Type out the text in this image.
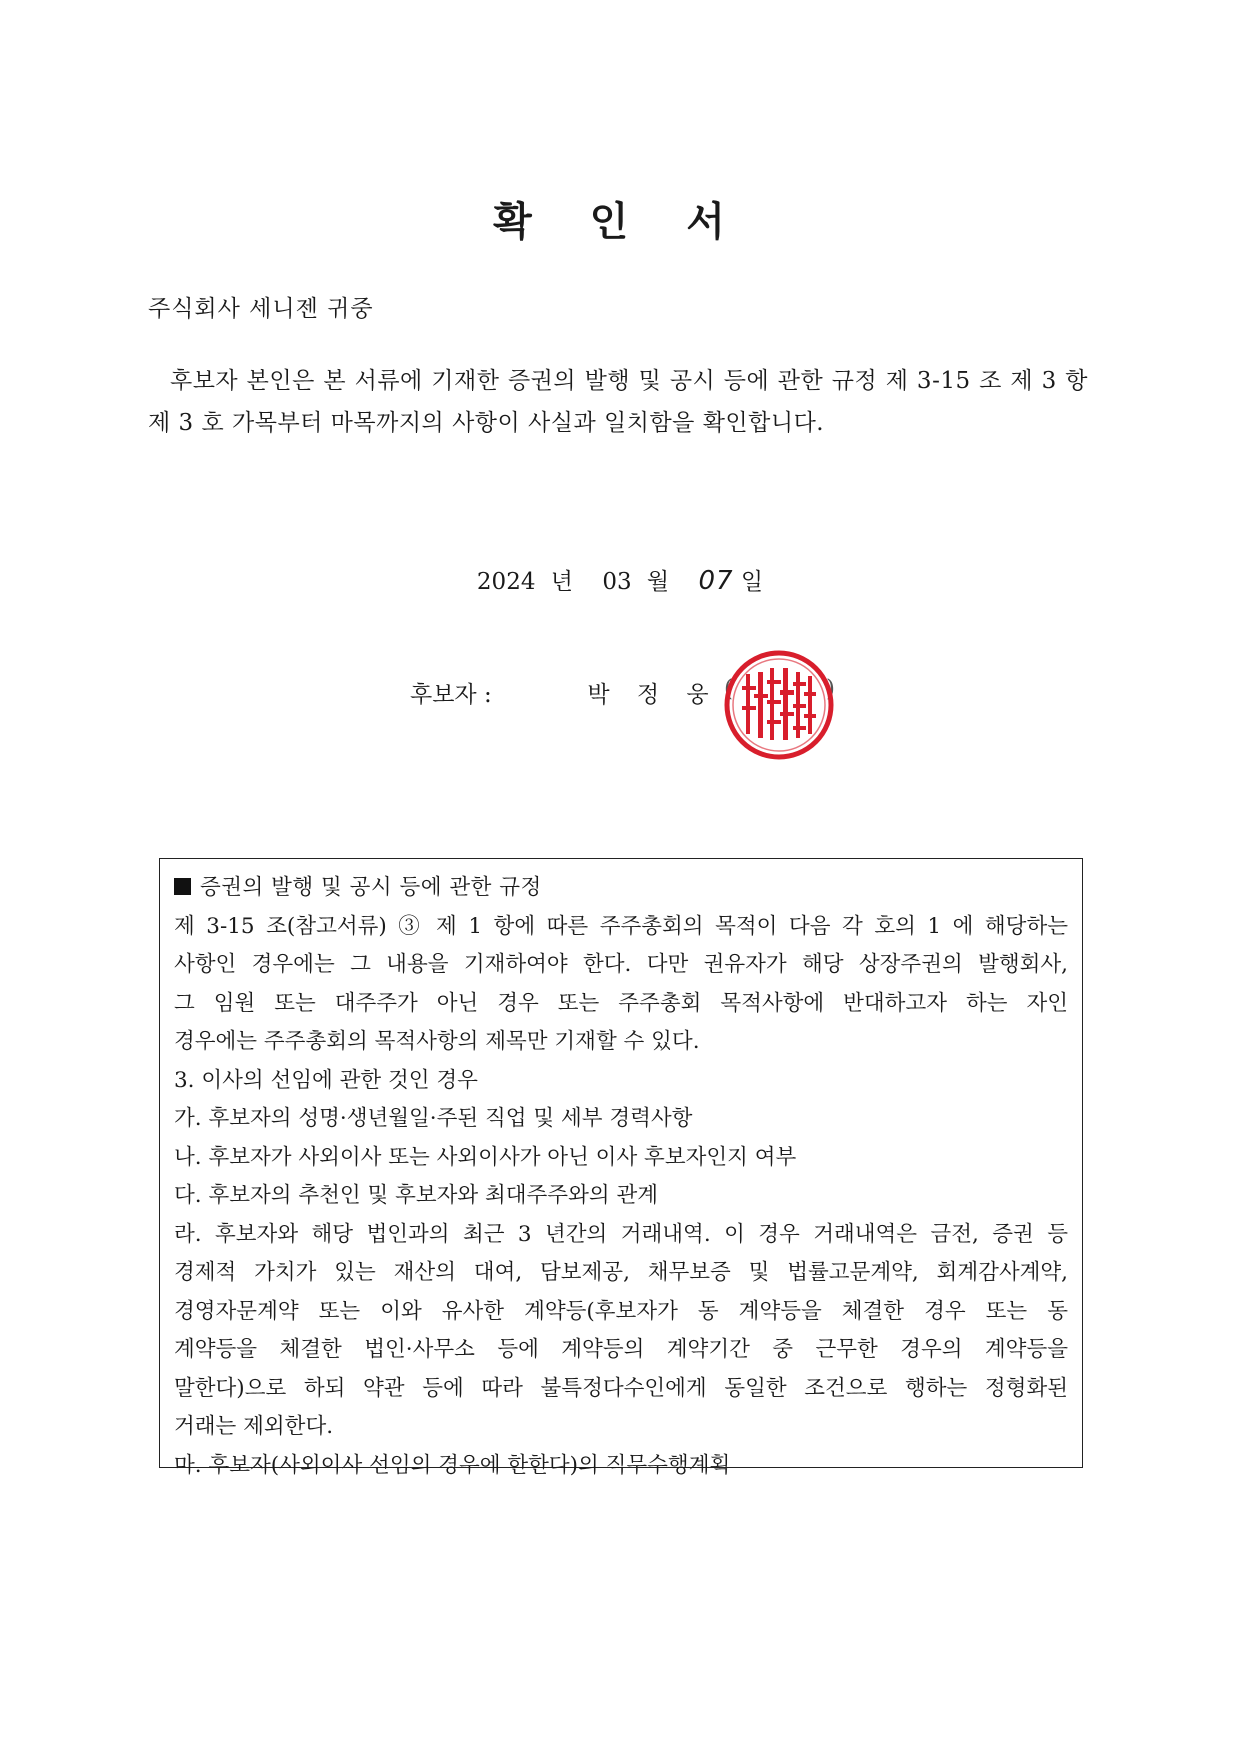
확 인 서

주식회사 세니젠 귀중

후보자 본인은 본 서류에 기재한 증권의 발행 및 공시 등에 관한 규정 제 3-15 조 제 3 항
제 3 호 가목부터 마목까지의 사항이 사실과 일치함을 확인합니다.

2024 년 03 월 07 일

후보자 :	박 정 웅 (	)

증권의 발행 및 공시 등에 관한 규정

제 3-15 조(참고서류) ③ 제 1 항에 따른 주주총회의 목적이 다음 각 호의 1 에 해당하는

사항인 경우에는 그 내용을 기재하여야 한다. 다만 권유자가 해당 상장주권의 발행회사,

그 임원 또는 대주주가 아닌 경우 또는 주주총회 목적사항에 반대하고자 하는 자인

경우에는 주주총회의 목적사항의 제목만 기재할 수 있다.

3. 이사의 선임에 관한 것인 경우

가. 후보자의 성명·생년월일·주된 직업 및 세부 경력사항

나. 후보자가 사외이사 또는 사외이사가 아닌 이사 후보자인지 여부

다. 후보자의 추천인 및 후보자와 최대주주와의 관계

라. 후보자와 해당 법인과의 최근 3 년간의 거래내역. 이 경우 거래내역은 금전, 증권 등

경제적 가치가 있는 재산의 대여, 담보제공, 채무보증 및 법률고문계약, 회계감사계약,

경영자문계약 또는 이와 유사한 계약등(후보자가 동 계약등을 체결한 경우 또는 동

계약등을 체결한 법인·사무소 등에 계약등의 계약기간 중 근무한 경우의 계약등을

말한다)으로 하되 약관 등에 따라 불특정다수인에게 동일한 조건으로 행하는 정형화된

거래는 제외한다.

마. 후보자(사외이사 선임의 경우에 한한다)의 직무수행계획
